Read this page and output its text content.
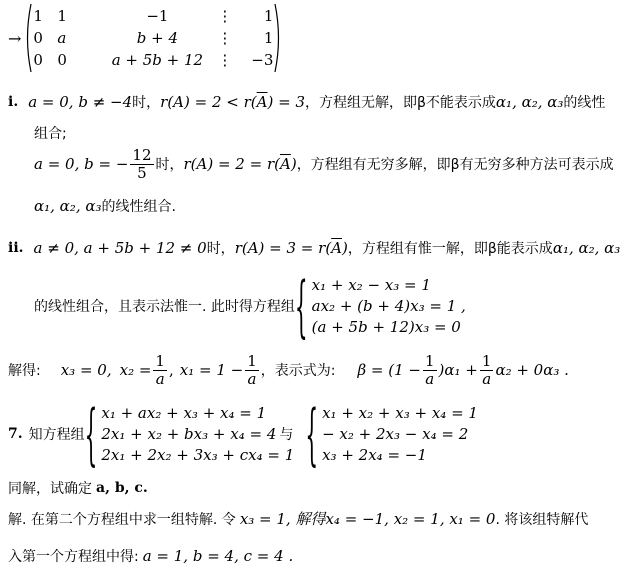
→
1 1	−1	⋮	1
0 a	b + 4	⋮	1
0 0	a + 5b + 12 ⋮	−3
i. a = 0, b ≠ −4 时， r(A) = 2 < r( $\overline{A}$ ) = 3 ，方程组无解，即β不能表示成 α₁, α₂, α₃ 的线性
组合;
a = 0, b = − $\frac{12}{5}$ 时， r(A) = 2 = r( $\overline{A}$ ) ，方程组有无穷多解，即β有无穷多种方法可表示成
α₁, α₂, α₃ 的线性组合.
ii. a ≠ 0, a + 5b + 12 ≠ 0 时， r(A) = 3 = r( $\overline{A}$ ) ，方程组有惟一解，即β能表示成 α₁, α₂, α₃
的线性组合，且表示法惟一. 此时得方程组 { x₁ + x₂ − x₃ = 1
ax₂ + (b + 4)x₃ = 1 ,
(a + 5b + 12)x₃ = 0
解得: x₃ = 0, $x_2 = \frac{1}{a}$ , $x_1 = 1 - \frac{1}{a}$ ， 表示式为: $\beta = (1 - \frac{1}{a} )\alpha_1 + \frac{1}{a} \alpha_2 + 0\alpha_3$ .
7. 知方程组 { x₁ + ax₂ + x₃ + x₄ = 1
2x₁ + x₂ + bx₃ + x₄ = 4
2x₁ + 2x₂ + 3x₃ + cx₄ = 1
与 { x₁ + x₂ + x₃ + x₄ = 1
− x₂ + 2x₃ − x₄ = 2
x₃ + 2x₄ = −1
同解，试确定 a, b, c.
解. 在第二个方程组中求一组特解. 令 x₃ = 1, 解得x₄ = −1, x₂ = 1, x₁ = 0 . 将该组特解代
入第一个方程组中得: a = 1, b = 4, c = 4 .
